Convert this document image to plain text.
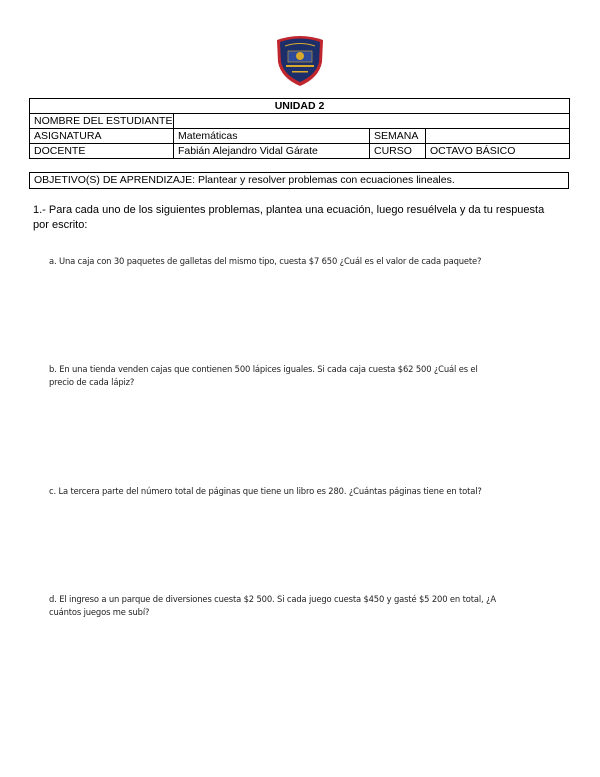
UNIDAD 2			
NOMBRE DEL ESTUDIANTE			
ASIGNATURA	Matemáticas	SEMANA	
DOCENTE	Fabián Alejandro Vidal Gárate	CURSO	OCTAVO BÁSICO
OBJETIVO(S) DE APRENDIZAJE: Plantear y resolver problemas con ecuaciones lineales.
1.- Para cada uno de los siguientes problemas, plantea una ecuación, luego resuélvela y da tu respuesta por escrito:
a. Una caja con 30 paquetes de galletas del mismo tipo, cuesta $7 650 ¿Cuál es el valor de cada paquete?
b. En una tienda venden cajas que contienen 500 lápices iguales. Si cada caja cuesta $62 500 ¿Cuál es el precio de cada lápiz?
c. La tercera parte del número total de páginas que tiene un libro es 280. ¿Cuántas páginas tiene en total?
d. El ingreso a un parque de diversiones cuesta $2 500. Si cada juego cuesta $450 y gasté $5 200 en total, ¿A cuántos juegos me subí?
